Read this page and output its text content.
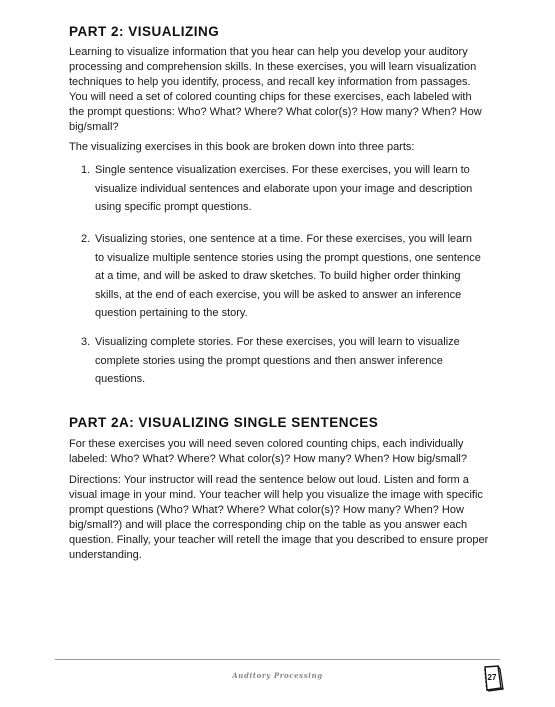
PART 2: VISUALIZING

Learning to visualize information that you hear can help you develop your auditory processing and comprehension skills. In these exercises, you will learn visualization techniques to help you identify, process, and recall key information from passages. You will need a set of colored counting chips for these exercises, each labeled with the prompt questions: Who? What? Where? What color(s)? How many? When? How big/small?

The visualizing exercises in this book are broken down into three parts:

1. Single sentence visualization exercises. For these exercises, you will learn to visualize individual sentences and elaborate upon your image and description using specific prompt questions.
2. Visualizing stories, one sentence at a time. For these exercises, you will learn to visualize multiple sentence stories using the prompt questions, one sentence at a time, and will be asked to draw sketches. To build higher order thinking skills, at the end of each exercise, you will be asked to answer an inference question pertaining to the story.
3. Visualizing complete stories. For these exercises, you will learn to visualize complete stories using the prompt questions and then answer inference questions.
PART 2A: VISUALIZING SINGLE SENTENCES

For these exercises you will need seven colored counting chips, each individually labeled: Who? What? Where? What color(s)? How many? When? How big/small?

Directions: Your instructor will read the sentence below out loud. Listen and form a visual image in your mind. Your teacher will help you visualize the image with specific prompt questions (Who? What? Where? What color(s)? How many? When? How big/small?) and will place the corresponding chip on the table as you answer each question. Finally, your teacher will retell the image that you described to ensure proper understanding.

Auditory Processing	27
